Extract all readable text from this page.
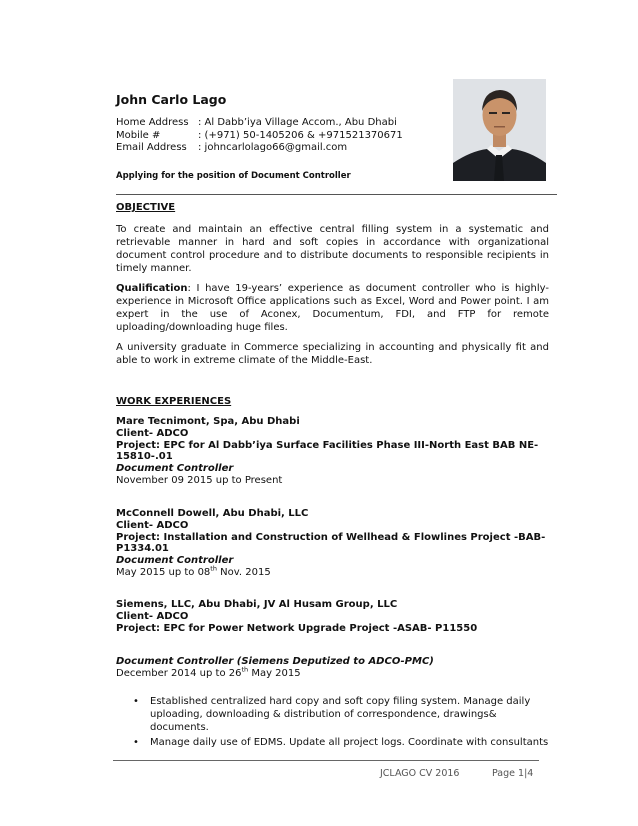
John Carlo Lago
Home Address : Al Dabb’iya Village Accom., Abu Dhabi
Mobile #	: (+971) 50-1405206 & +971521370671
Email Address	: johncarlolago66@gmail.com
Applying for the position of Document Controller
OBJECTIVE
To create and maintain an effective central filling system in a systematic and retrievable manner in hard and soft copies in accordance with organizational document control procedure and to distribute documents to responsible recipients in timely manner.
Qualification: I have 19-years’ experience as document controller who is highly-experience in Microsoft Office applications such as Excel, Word and Power point. I am expert in the use of Aconex, Documentum, FDI, and FTP for remote uploading/downloading huge files.
A university graduate in Commerce specializing in accounting and physically fit and able to work in extreme climate of the Middle-East.
WORK EXPERIENCES
Mare Tecnimont, Spa, Abu Dhabi
Client- ADCO
Project: EPC for Al Dabb’iya Surface Facilities Phase III-North East BAB NE-15810-.01
Document Controller
November 09 2015 up to Present
McConnell Dowell, Abu Dhabi, LLC
Client- ADCO
Project: Installation and Construction of Wellhead & Flowlines Project -BAB-P1334.01
Document Controller
May 2015 up to 08th Nov. 2015
Siemens, LLC, Abu Dhabi, JV Al Husam Group, LLC
Client- ADCO
Project: EPC for Power Network Upgrade Project -ASAB- P11550
Document Controller (Siemens Deputized to ADCO-PMC)
December 2014 up to 26th May 2015
• Established centralized hard copy and soft copy filing system. Manage daily uploading, downloading & distribution of correspondence, drawings& documents.
• Manage daily use of EDMS. Update all project logs. Coordinate with consultants
JCLAGO CV 2016	Page 1|4
